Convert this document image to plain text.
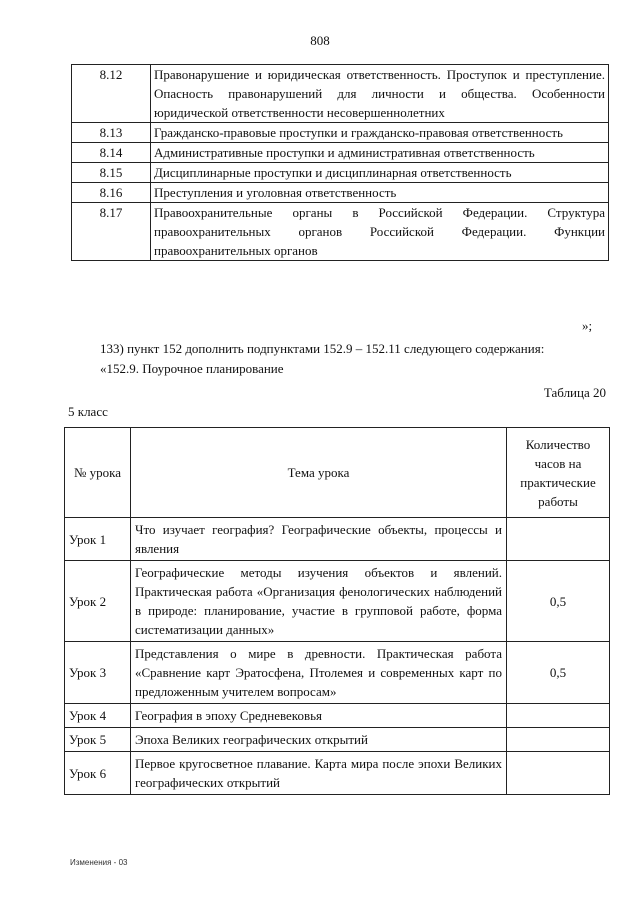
808
8.12	Правонарушение и юридическая ответственность. Проступок и преступление. Опасность правонарушений для личности и общества. Особенности юридической ответственности несовершеннолетних
8.13	Гражданско-правовые проступки и гражданско-правовая ответственность
8.14	Административные проступки и административная ответственность
8.15	Дисциплинарные проступки и дисциплинарная ответственность
8.16	Преступления и уголовная ответственность
8.17	Правоохранительные органы в Российской Федерации. Структура правоохранительных органов Российской Федерации. Функции правоохранительных органов
»;
133) пункт 152 дополнить подпунктами 152.9 – 152.11 следующего содержания:
«152.9. Поурочное планирование
Таблица 20
5 класс
№ урока	Тема урока	Количество часов на практические работы
Урок 1	Что изучает география? Географические объекты, процессы и явления	
Урок 2	Географические методы изучения объектов и явлений. Практическая работа «Организация фенологических наблюдений в природе: планирование, участие в групповой работе, форма систематизации данных»	0,5
Урок 3	Представления о мире в древности. Практическая работа «Сравнение карт Эратосфена, Птолемея и современных карт по предложенным учителем вопросам»	0,5
Урок 4	География в эпоху Средневековья	
Урок 5	Эпоха Великих географических открытий	
Урок 6	Первое кругосветное плавание. Карта мира после эпохи Великих географических открытий	
Изменения - 03
